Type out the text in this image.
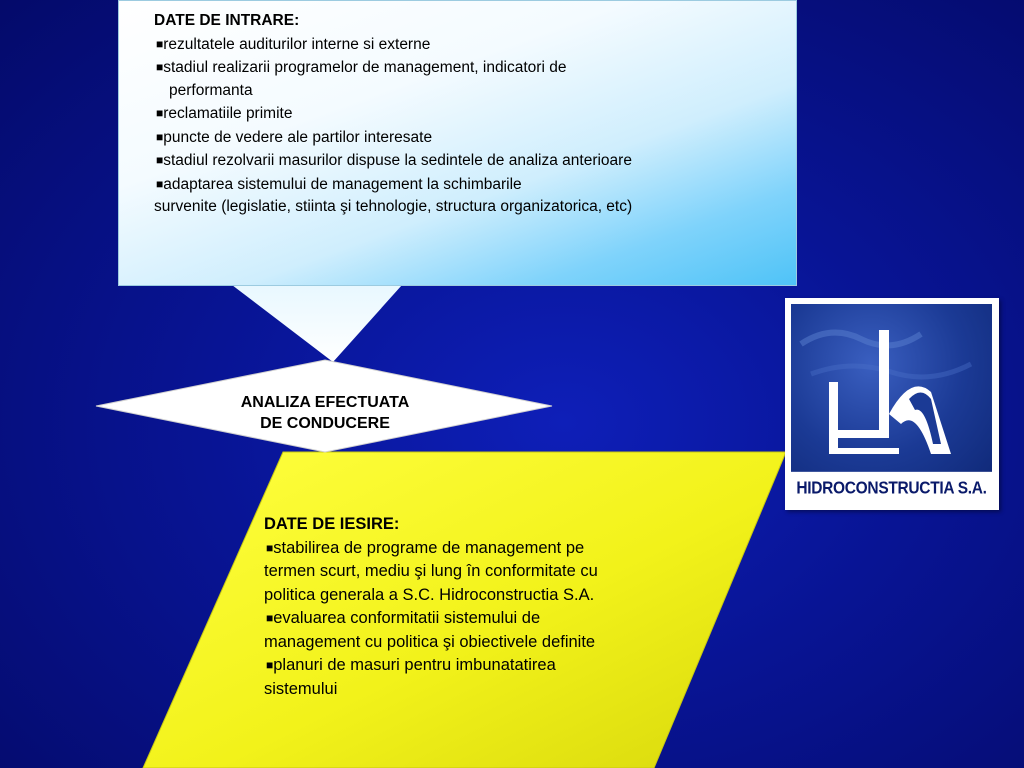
DATE DE INTRARE:
■rezultatele auditurilor interne si externe
■stadiul realizarii programelor de management, indicatori de
performanta
■reclamatiile primite
■puncte de vedere ale partilor interesate
■stadiul rezolvarii masurilor dispuse la sedintele de analiza anterioare
■adaptarea sistemului de management la schimbarile
survenite (legislatie, stiinta şi tehnologie, structura organizatorica, etc)
ANALIZA EFECTUATA
DE CONDUCERE
DATE DE IESIRE:
■stabilirea de programe de management pe
termen scurt, mediu şi lung în conformitate cu
politica generala a S.C. Hidroconstructia S.A.
■evaluarea conformitatii sistemului de
management cu politica şi obiectivele definite
■planuri de masuri pentru imbunatatirea
sistemului
HIDROCONSTRUCTIA S.A.
